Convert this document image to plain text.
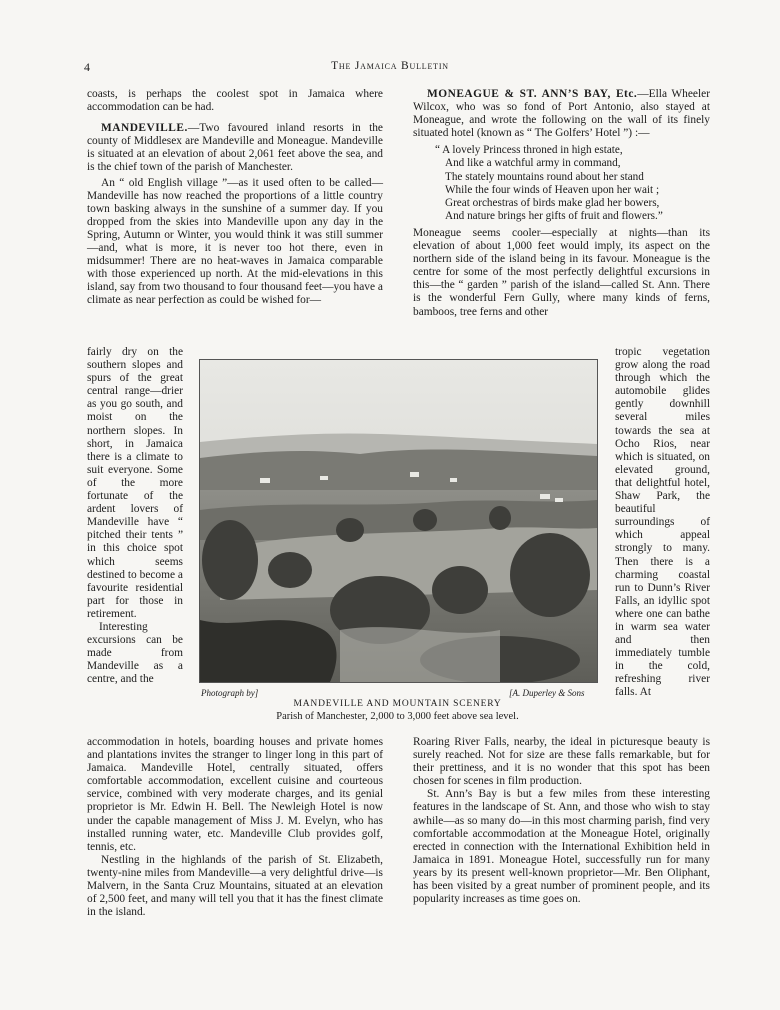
4	The Jamaica Bulletin

coasts, is perhaps the coolest spot in Jamaica where accommodation can be had.

MANDEVILLE.—Two favoured inland resorts in the county of Middlesex are Mandeville and Moneague. Mandeville is situated at an elevation of about 2,061 feet above the sea, and is the chief town of the parish of Manchester.

An “ old English village ”—as it used often to be called—Mandeville has now reached the proportions of a little country town basking always in the sunshine of a summer day. If you dropped from the skies into Mandeville upon any day in the Spring, Autumn or Winter, you would think it was still summer—and, what is more, it is never too hot there, even in midsummer! There are no heat-waves in Jamaica comparable with those experienced up north. At the mid-elevations in this island, say from two thousand to four thousand feet—you have a climate as near perfection as could be wished for—

fairly dry on the southern slopes and spurs of the great central range—drier as you go south, and moist on the northern slopes. In short, in Jamaica there is a climate to suit everyone. Some of the more fortunate of the ardent lovers of Mandeville have “ pitched their tents ” in this choice spot which seems destined to become a favourite residential part for those in retirement.

Interesting excursions can be made from Mandeville as a centre, and the

Photograph by]	[A. Duperley & Sons
MANDEVILLE AND MOUNTAIN SCENERY
Parish of Manchester, 2,000 to 3,000 feet above sea level.

accommodation in hotels, boarding houses and private homes and plantations invites the stranger to linger long in this part of Jamaica. Mandeville Hotel, centrally situated, offers comfortable accommodation, excellent cuisine and courteous service, combined with very moderate charges, and its genial proprietor is Mr. Edwin H. Bell. The Newleigh Hotel is now under the capable management of Miss J. M. Evelyn, who has installed running water, etc. Mandeville Club provides golf, tennis, etc.

Nestling in the highlands of the parish of St. Elizabeth, twenty-nine miles from Mandeville—a very delightful drive—is Malvern, in the Santa Cruz Mountains, situated at an elevation of 2,500 feet, and many will tell you that it has the finest climate in the island.

MONEAGUE & ST. ANN’S BAY, Etc.—Ella Wheeler Wilcox, who was so fond of Port Antonio, also stayed at Moneague, and wrote the following on the wall of its finely situated hotel (known as “ The Golfers’ Hotel ”) :—

“ A lovely Princess throned in high estate,
And like a watchful army in command,
The stately mountains round about her stand
While the four winds of Heaven upon her wait ;
Great orchestras of birds make glad her bowers,
And nature brings her gifts of fruit and flowers.”

Moneague seems cooler—especially at nights—than its elevation of about 1,000 feet would imply, its aspect on the northern side of the island being in its favour. Moneague is the centre for some of the most perfectly delightful excursions in this—the “ garden ” parish of the island—called St. Ann. There is the wonderful Fern Gully, where many kinds of ferns, bamboos, tree ferns and other

tropic vegetation grow along the road through which the automobile glides gently downhill several miles towards the sea at Ocho Rios, near which is situated, on elevated ground, that delightful hotel, Shaw Park, the beautiful surroundings of which appeal strongly to many. Then there is a charming coastal run to Dunn’s River Falls, an idyllic spot where one can bathe in warm sea water and then immediately tumble in the cold, refreshing river falls. At

Roaring River Falls, nearby, the ideal in picturesque beauty is surely reached. Not for size are these falls remarkable, but for their prettiness, and it is no wonder that this spot has been chosen for scenes in film production.

St. Ann’s Bay is but a few miles from these interesting features in the landscape of St. Ann, and those who wish to stay awhile—as so many do—in this most charming parish, find very comfortable accommodation at the Moneague Hotel, originally erected in connection with the International Exhibition held in Jamaica in 1891. Moneague Hotel, successfully run for many years by its present well-known proprietor—Mr. Ben Oliphant, has been visited by a great number of prominent people, and its popularity increases as time goes on.
